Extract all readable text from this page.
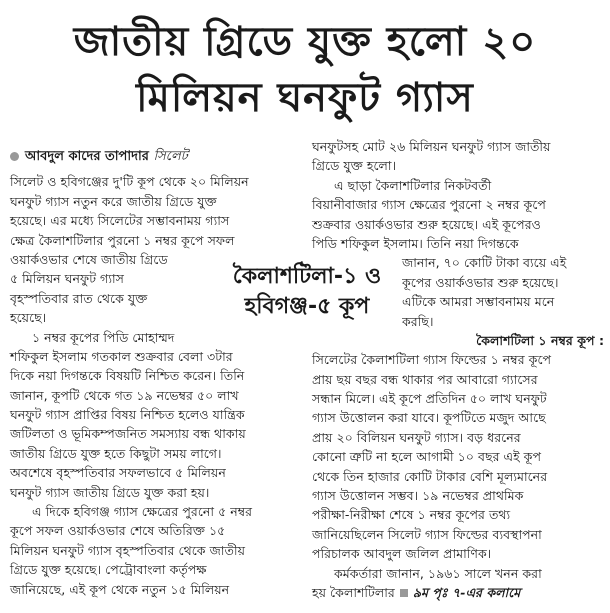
জাতীয় গ্রিডে যুক্ত হলো ২০
মিলিয়ন ঘনফুট গ্যাস
আবদুল কাদের তাপাদার সিলেট
সিলেট ও হবিগঞ্জের দু'টি কূপ থেকে ২০ মিলিয়ন
ঘনফুট গ্যাস নতুন করে জাতীয় গ্রিডে যুক্ত
হয়েছে। এর মধ্যে সিলেটের সম্ভাবনাময় গ্যাস
ক্ষেত্র কৈলাশটিলার পুরনো ১ নম্বর কূপে সফল
ওয়ার্কওভার শেষে জাতীয় গ্রিডে
৫ মিলিয়ন ঘনফুট গ্যাস
বৃহস্পতিবার রাত থেকে যুক্ত
হয়েছে।
১ নম্বর কূপের পিডি মোহাম্মদ
শফিকুল ইসলাম গতকাল শুক্রবার বেলা ৩টার
দিকে নয়া দিগন্তকে বিষয়টি নিশ্চিত করেন। তিনি
জানান, কূপটি থেকে গত ১৯ নভেম্বর ৫০ লাখ
ঘনফুট গ্যাস প্রাপ্তির বিষয় নিশ্চিত হলেও যান্ত্রিক
জটিলতা ও ভূমিকম্পজনিত সমস্যায় বন্ধ থাকায়
জাতীয় গ্রিডে যুক্ত হতে কিছুটা সময় লাগে।
অবশেষে বৃহস্পতিবার সফলভাবে ৫ মিলিয়ন
ঘনফুট গ্যাস জাতীয় গ্রিডে যুক্ত করা হয়।
এ দিকে হবিগঞ্জ গ্যাস ক্ষেত্রের পুরনো ৫ নম্বর
কূপে সফল ওয়ার্কওভার শেষে অতিরিক্ত ১৫
মিলিয়ন ঘনফুট গ্যাস বৃহস্পতিবার থেকে জাতীয়
গ্রিডে যুক্ত হয়েছে। পেট্রোবাংলা কর্তৃপক্ষ
জানিয়েছে, এই কূপ থেকে নতুন ১৫ মিলিয়ন
ঘনফুটসহ মোট ২৬ মিলিয়ন ঘনফুট গ্যাস জাতীয়
গ্রিডে যুক্ত হলো।
এ ছাড়া কৈলাশটিলার নিকটবর্তী
বিয়ানীবাজার গ্যাস ক্ষেত্রের পুরনো ২ নম্বর কূপে
শুক্রবার ওয়ার্কওভার শুরু হয়েছে। এই কূপেরও
পিডি শফিকুল ইসলাম। তিনি নয়া দিগন্তকে
জানান, ৭০ কোটি টাকা ব্যয়ে এই
কূপের ওয়ার্কওভার শুরু হয়েছে।
এটিকে আমরা সম্ভাবনাময় মনে
করছি।
কৈলাশটিলা ১ নম্বর কূপ :
সিলেটের কৈলাশটিলা গ্যাস ফিল্ডের ১ নম্বর কূপে
প্রায় ছয় বছর বন্ধ থাকার পর আবারো গ্যাসের
সন্ধান মিলে। এই কূপে প্রতিদিন ৫০ লাখ ঘনফুট
গ্যাস উত্তোলন করা যাবে। কূপটিতে মজুদ আছে
প্রায় ২০ বিলিয়ন ঘনফুট গ্যাস। বড় ধরনের
কোনো ত্রুটি না হলে আগামী ১০ বছর এই কূপ
থেকে তিন হাজার কোটি টাকার বেশি মূল্যমানের
গ্যাস উত্তোলন সম্ভব। ১৯ নভেম্বর প্রাথমিক
পরীক্ষা-নিরীক্ষা শেষে ১ নম্বর কূপের তথ্য
জানিয়েছিলেন সিলেট গ্যাস ফিল্ডের ব্যবস্থাপনা
পরিচালক আবদুল জলিল প্রামাণিক।
কর্মকর্তারা জানান, ১৯৬১ সালে খনন করা
হয় কৈলাশটিলার ৯ম পৃঃ ৭-এর কলামে
কৈলাশটিলা-১ ও
হবিগঞ্জ-৫ কূপ
